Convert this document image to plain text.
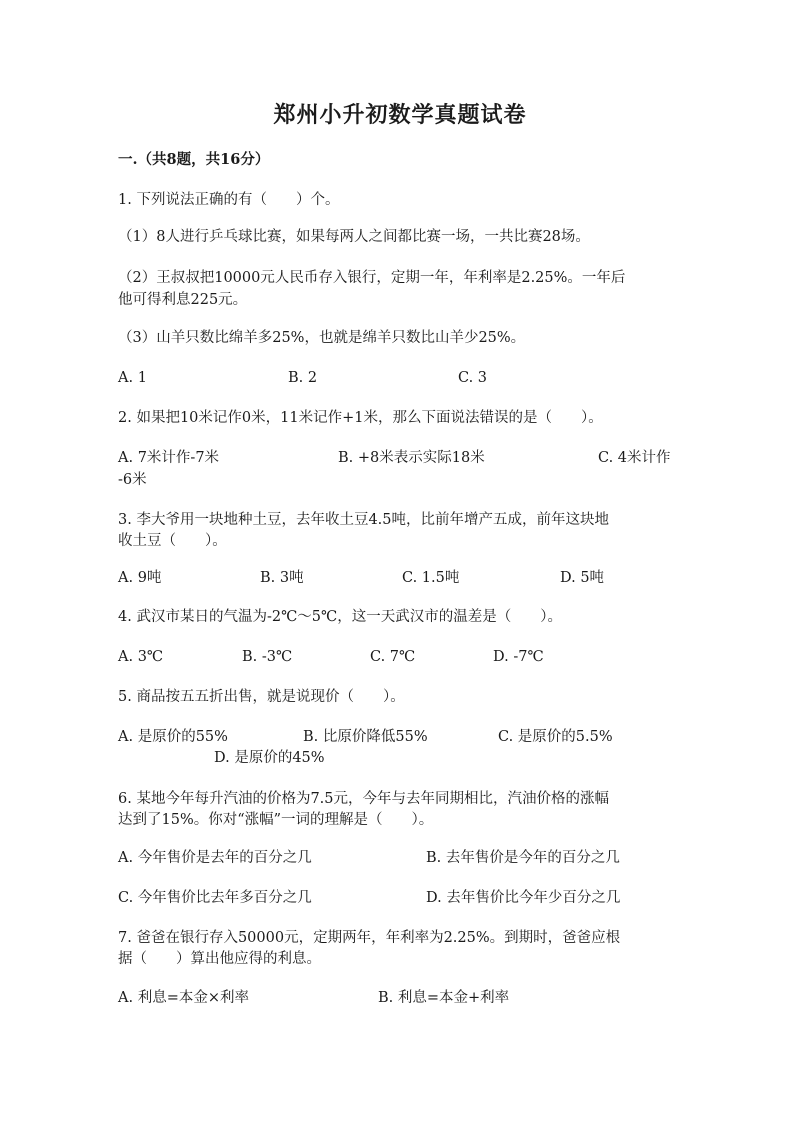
郑州小升初数学真题试卷
一.（共8题，共16分）
1. 下列说法正确的有（　　）个。
（1）8人进行乒乓球比赛，如果每两人之间都比赛一场，一共比赛28场。
（2）王叔叔把10000元人民币存入银行，定期一年，年利率是2.25%。一年后
他可得利息225元。
（3）山羊只数比绵羊多25%，也就是绵羊只数比山羊少25%。
A. 1	B. 2	C. 3
2. 如果把10米记作0米，11米记作+1米，那么下面说法错误的是（　　）。
A. 7米计作-7米	B. +8米表示实际18米	C. 4米计作
-6米
3. 李大爷用一块地种土豆，去年收土豆4.5吨，比前年增产五成，前年这块地
收土豆（　　）。
A. 9吨	B. 3吨	C. 1.5吨	D. 5吨
4. 武汉市某日的气温为-2℃～5℃，这一天武汉市的温差是（　　）。
A. 3℃	B. -3℃	C. 7℃	D. -7℃
5. 商品按五五折出售，就是说现价（　　）。
A. 是原价的55%	B. 比原价降低55%	C. 是原价的5.5%
D. 是原价的45%
6. 某地今年每升汽油的价格为7.5元，今年与去年同期相比，汽油价格的涨幅
达到了15%。你对“涨幅”一词的理解是（　　）。
A. 今年售价是去年的百分之几	B. 去年售价是今年的百分之几
C. 今年售价比去年多百分之几	D. 去年售价比今年少百分之几
7. 爸爸在银行存入50000元，定期两年，年利率为2.25%。到期时，爸爸应根
据（　　）算出他应得的利息。
A. 利息=本金×利率	B. 利息=本金+利率
